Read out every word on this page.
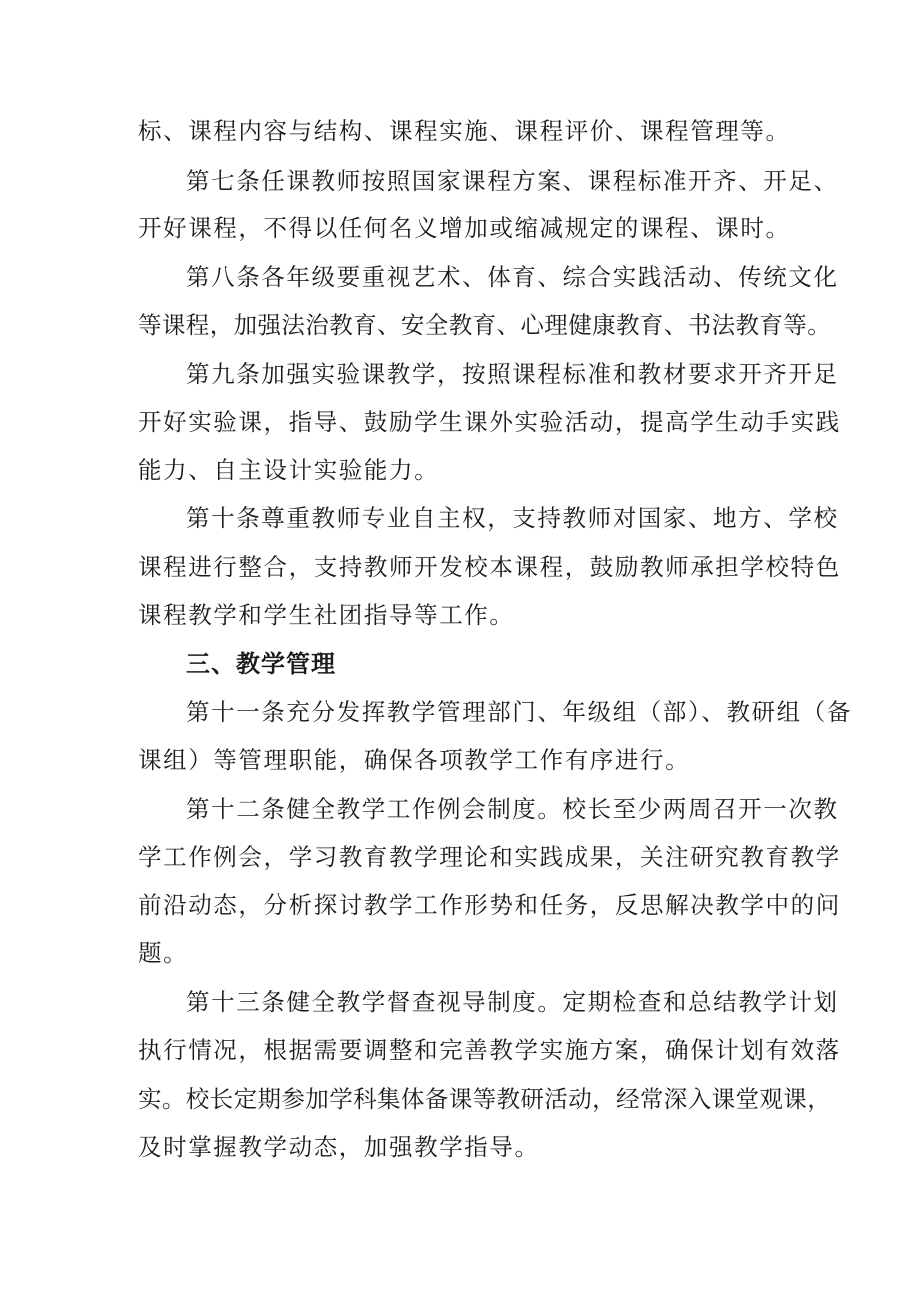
标、课程内容与结构、课程实施、课程评价、课程管理等。
第七条任课教师按照国家课程方案、课程标准开齐、开足、
开好课程，不得以任何名义增加或缩减规定的课程、课时。
第八条各年级要重视艺术、体育、综合实践活动、传统文化
等课程，加强法治教育、安全教育、心理健康教育、书法教育等。
第九条加强实验课教学，按照课程标准和教材要求开齐开足
开好实验课，指导、鼓励学生课外实验活动，提高学生动手实践
能力、自主设计实验能力。
第十条尊重教师专业自主权，支持教师对国家、地方、学校
课程进行整合，支持教师开发校本课程，鼓励教师承担学校特色
课程教学和学生社团指导等工作。
三、教学管理
第十一条充分发挥教学管理部门、年级组（部）、教研组（备
课组）等管理职能，确保各项教学工作有序进行。
第十二条健全教学工作例会制度。校长至少两周召开一次教
学工作例会，学习教育教学理论和实践成果，关注研究教育教学
前沿动态，分析探讨教学工作形势和任务，反思解决教学中的问
题。
第十三条健全教学督查视导制度。定期检查和总结教学计划
执行情况，根据需要调整和完善教学实施方案，确保计划有效落
实。校长定期参加学科集体备课等教研活动，经常深入课堂观课，
及时掌握教学动态，加强教学指导。
